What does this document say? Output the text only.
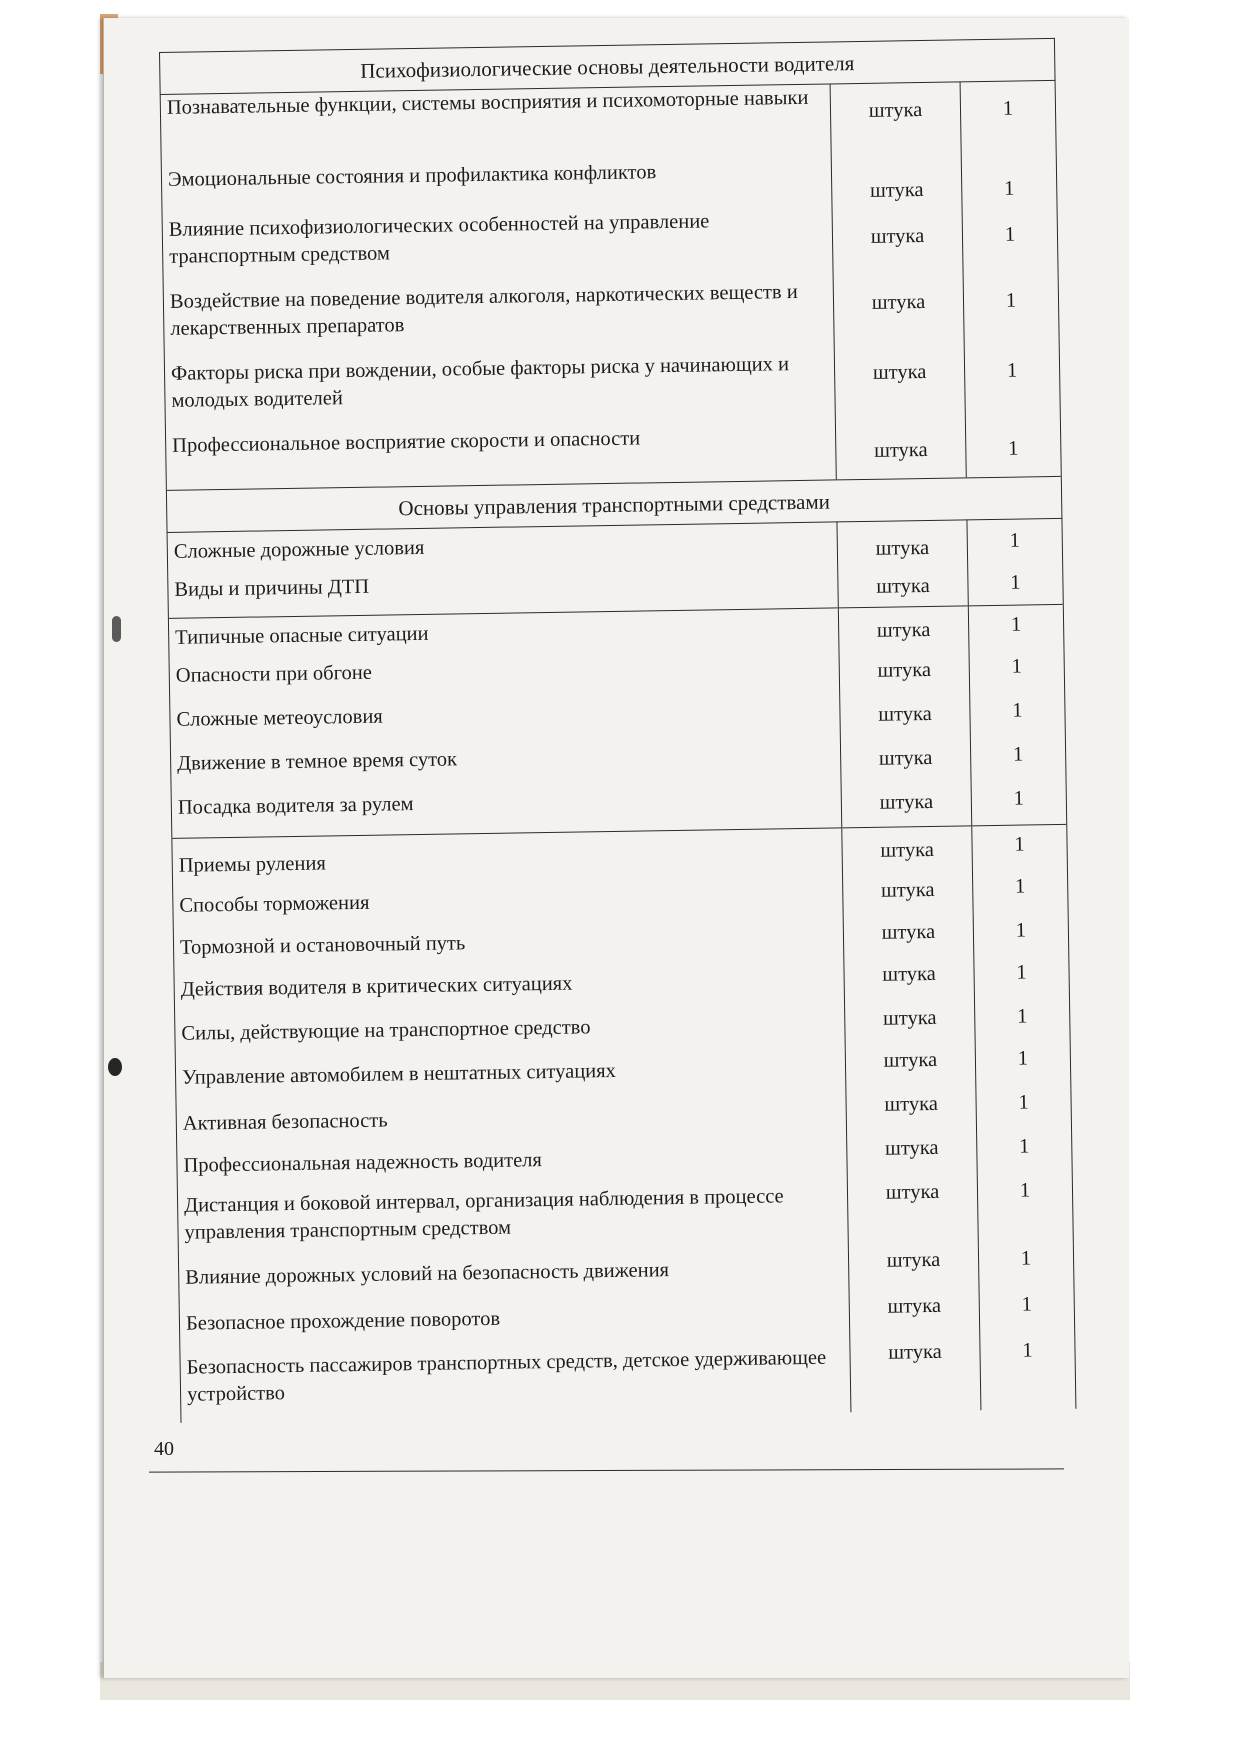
Психофизиологические основы деятельности водителя		

Познавательные функции, системы восприятия и психомоторные навыки	штука	1

Эмоциональные состояния и профилактика конфликтов	штука	1

Влияние психофизиологических особенностей на управление транспортным средством	штука	1

Воздействие на поведение водителя алкоголя, наркотических веществ и лекарственных препаратов	штука	1

Факторы риска при вождении, особые факторы риска у начинающих и молодых водителей	штука	1

Профессиональное восприятие скорости и опасности	штука	1
Основы управления транспортными средствами		

Сложные дорожные условия	штука	1

Виды и причины ДТП	штука	1

Типичные опасные ситуации	штука	1

Опасности при обгоне	штука	1

Сложные метеоусловия	штука	1

Движение в темное время суток	штука	1

Посадка водителя за рулем	штука	1

Приемы руления	штука	1

Способы торможения	штука	1

Тормозной и остановочный путь	штука	1

Действия водителя в критических ситуациях	штука	1

Силы, действующие на транспортное средство	штука	1

Управление автомобилем в нештатных ситуациях	штука	1

Активная безопасность	штука	1

Профессиональная надежность водителя	штука	1

Дистанция и боковой интервал, организация наблюдения в процессе управления транспортным средством	штука	1

Влияние дорожных условий на безопасность движения	штука	1

Безопасное прохождение поворотов	штука	1

Безопасность пассажиров транспортных средств, детское удерживающее устройство	штука	1
40
